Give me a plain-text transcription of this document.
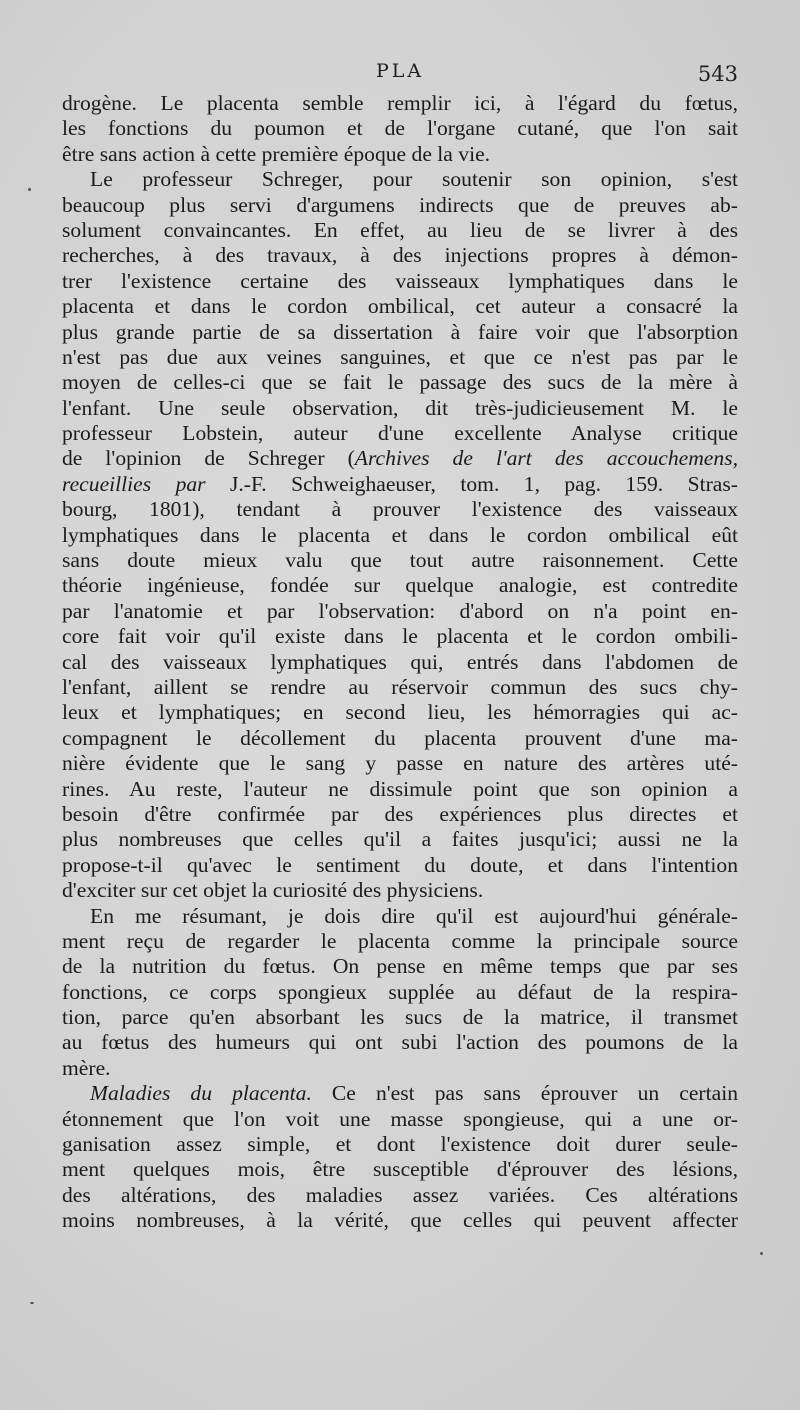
PLA	543
drogène. Le placenta semble remplir ici, à l'égard du fœtus,
les fonctions du poumon et de l'organe cutané, que l'on sait
être sans action à cette première époque de la vie.
Le professeur Schreger, pour soutenir son opinion, s'est
beaucoup plus servi d'argumens indirects que de preuves ab-
solument convaincantes. En effet, au lieu de se livrer à des
recherches, à des travaux, à des injections propres à démon-
trer l'existence certaine des vaisseaux lymphatiques dans le
placenta et dans le cordon ombilical, cet auteur a consacré la
plus grande partie de sa dissertation à faire voir que l'absorption
n'est pas due aux veines sanguines, et que ce n'est pas par le
moyen de celles-ci que se fait le passage des sucs de la mère à
l'enfant. Une seule observation, dit très-judicieusement M. le
professeur Lobstein, auteur d'une excellente Analyse critique
de l'opinion de Schreger (Archives de l'art des accouchemens,
recueillies par J.-F. Schweighaeuser, tom. 1, pag. 159. Stras-
bourg, 1801), tendant à prouver l'existence des vaisseaux
lymphatiques dans le placenta et dans le cordon ombilical eût
sans doute mieux valu que tout autre raisonnement. Cette
théorie ingénieuse, fondée sur quelque analogie, est contredite
par l'anatomie et par l'observation: d'abord on n'a point en-
core fait voir qu'il existe dans le placenta et le cordon ombili-
cal des vaisseaux lymphatiques qui, entrés dans l'abdomen de
l'enfant, aillent se rendre au réservoir commun des sucs chy-
leux et lymphatiques; en second lieu, les hémorragies qui ac-
compagnent le décollement du placenta prouvent d'une ma-
nière évidente que le sang y passe en nature des artères uté-
rines. Au reste, l'auteur ne dissimule point que son opinion a
besoin d'être confirmée par des expériences plus directes et
plus nombreuses que celles qu'il a faites jusqu'ici; aussi ne la
propose-t-il qu'avec le sentiment du doute, et dans l'intention
d'exciter sur cet objet la curiosité des physiciens.
En me résumant, je dois dire qu'il est aujourd'hui générale-
ment reçu de regarder le placenta comme la principale source
de la nutrition du fœtus. On pense en même temps que par ses
fonctions, ce corps spongieux supplée au défaut de la respira-
tion, parce qu'en absorbant les sucs de la matrice, il transmet
au fœtus des humeurs qui ont subi l'action des poumons de la
mère.
Maladies du placenta. Ce n'est pas sans éprouver un certain
étonnement que l'on voit une masse spongieuse, qui a une or-
ganisation assez simple, et dont l'existence doit durer seule-
ment quelques mois, être susceptible d'éprouver des lésions,
des altérations, des maladies assez variées. Ces altérations
moins nombreuses, à la vérité, que celles qui peuvent affecter
